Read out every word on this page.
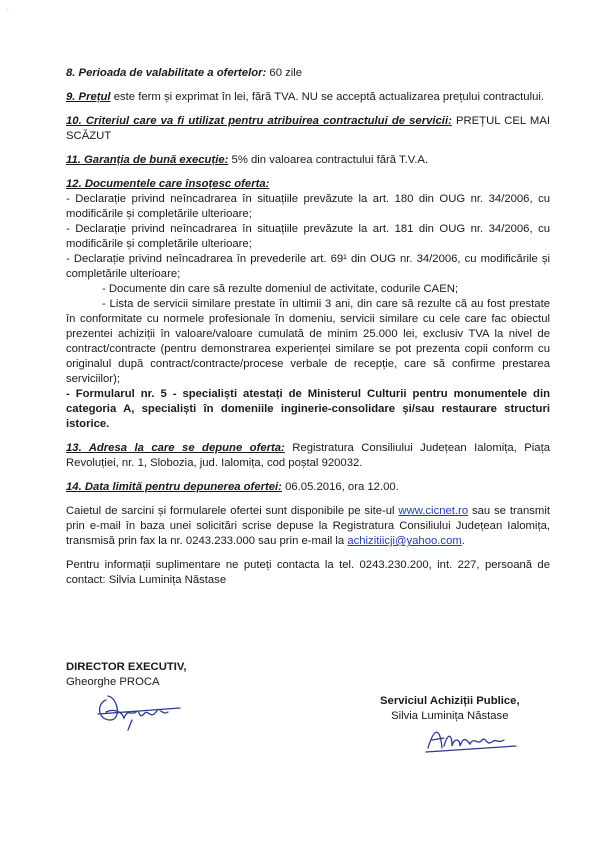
-

8. Perioada de valabilitate a ofertelor: 60 zile

9. Prețul este ferm și exprimat în lei, fără TVA. NU se acceptă actualizarea prețului contractului.

10. Criteriul care va fi utilizat pentru atribuirea contractului de servicii: PREȚUL CEL MAI SCĂZUT

11. Garanția de bună execuție: 5% din valoarea contractului fără T.V.A.

12. Documentele care însoțesc oferta:
- Declarație privind neîncadrarea în situațiile prevăzute la art. 180 din OUG nr. 34/2006, cu modificările și completările ulterioare;
- Declarație privind neîncadrarea în situațiile prevăzute la art. 181 din OUG nr. 34/2006, cu modificările și completările ulterioare;
- Declarație privind neîncadrarea în prevederile art. 69¹ din OUG nr. 34/2006, cu modificările și completările ulterioare;
- Documente din care să rezulte domeniul de activitate, codurile CAEN;
- Lista de servicii similare prestate în ultimii 3 ani, din care să rezulte că au fost prestate în conformitate cu normele profesionale în domeniu, servicii similare cu cele care fac obiectul prezentei achiziții în valoare/valoare cumulată de minim 25.000 lei, exclusiv TVA la nivel de contract/contracte (pentru demonstrarea experienței similare se pot prezenta copii conform cu originalul după contract/contracte/procese verbale de recepție, care să confirme prestarea serviciilor);
- Formularul nr. 5 - specialiști atestați de Ministerul Culturii pentru monumentele din categoria A, specialiști în domeniile inginerie-consolidare și/sau restaurare structuri istorice.

13. Adresa la care se depune oferta: Registratura Consiliului Județean Ialomița, Piața Revoluției, nr. 1, Slobozia, jud. Ialomița, cod poștal 920032.

14. Data limită pentru depunerea ofertei: 06.05.2016, ora 12.00.

Caietul de sarcini și formularele ofertei sunt disponibile pe site-ul www.cicnet.ro sau se transmit prin e-mail în baza unei solicitări scrise depuse la Registratura Consiliului Județean Ialomița, transmisă prin fax la nr. 0243.233.000 sau prin e-mail la achizitiicji@yahoo.com.

Pentru informații suplimentare ne puteți contacta la tel. 0243.230.200, int. 227, persoană de contact: Silvia Luminița Năstase

DIRECTOR EXECUTIV,
Gheorghe PROCA
Serviciul Achiziții Publice,
Silvia Luminița Năstase
